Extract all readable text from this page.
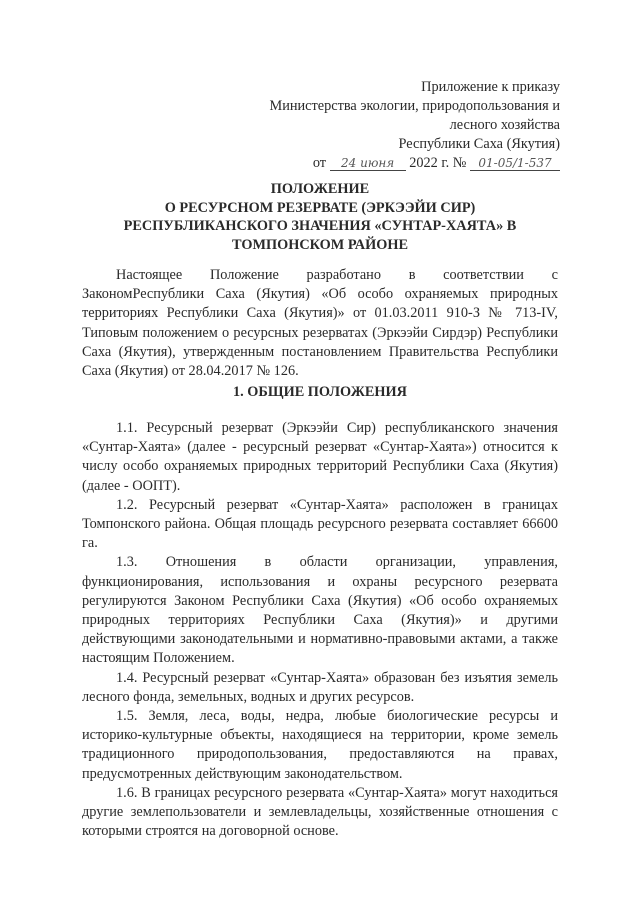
Приложение к приказу
Министерства экологии, природопользования и
лесного хозяйства
Республики Саха (Якутия)
от 24 июня 2022 г. № 01-05/1-537
ПОЛОЖЕНИЕ
О РЕСУРСНОМ РЕЗЕРВАТЕ (ЭРКЭЭЙИ СИР)
РЕСПУБЛИКАНСКОГО ЗНАЧЕНИЯ «СУНТАР-ХАЯТА» В
ТОМПОНСКОМ РАЙОНЕ

Настоящее Положение разработано в соответствии с ЗакономРеспублики Саха (Якутия) «Об особо охраняемых природных территориях Республики Саха (Якутия)» от 01.03.2011 910-З № 713-IV, Типовым положением о ресурсных резерватах (Эркээйи Сирдэр) Республики Саха (Якутия), утвержденным постановлением Правительства Республики Саха (Якутия) от 28.04.2017 № 126.

1. ОБЩИЕ ПОЛОЖЕНИЯ

1.1. Ресурсный резерват (Эркээйи Сир) республиканского значения «Сунтар-Хаята» (далее - ресурсный резерват «Сунтар-Хаята») относится к числу особо охраняемых природных территорий Республики Саха (Якутия) (далее - ООПТ).

1.2. Ресурсный резерват «Сунтар-Хаята» расположен в границах Томпонского района. Общая площадь ресурсного резервата составляет 66600 га.

1.3. Отношения в области организации, управления, функционирования, использования и охраны ресурсного резервата регулируются Законом Республики Саха (Якутия) «Об особо охраняемых природных территориях Республики Саха (Якутия)» и другими действующими законодательными и нормативно-правовыми актами, а также настоящим Положением.

1.4. Ресурсный резерват «Сунтар-Хаята» образован без изъятия земель лесного фонда, земельных, водных и других ресурсов.

1.5. Земля, леса, воды, недра, любые биологические ресурсы и историко-культурные объекты, находящиеся на территории, кроме земель традиционного природопользования, предоставляются на правах, предусмотренных действующим законодательством.

1.6. В границах ресурсного резервата «Сунтар-Хаята» могут находиться другие землепользователи и землевладельцы, хозяйственные отношения с которыми строятся на договорной основе.
